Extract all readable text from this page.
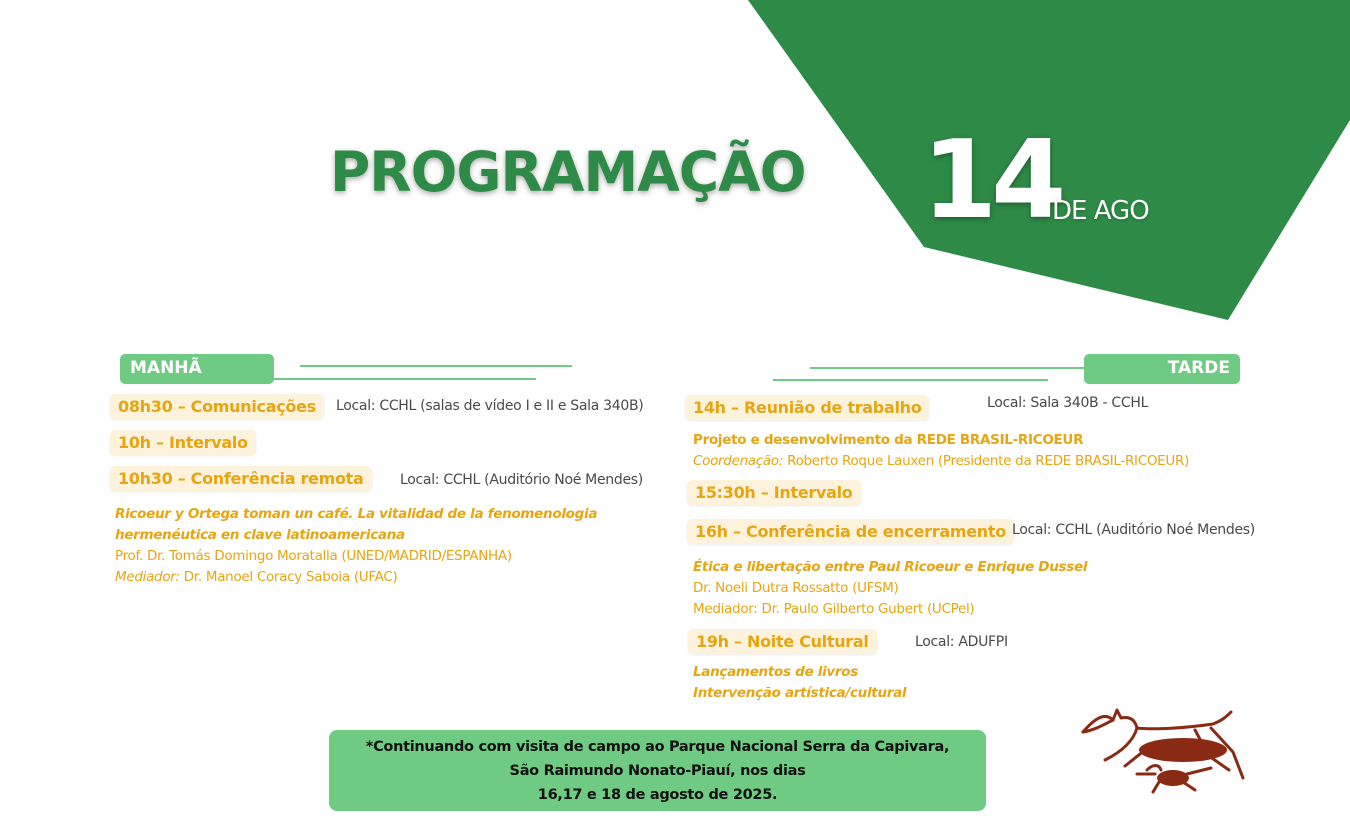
PROGRAMAÇÃO 14
DE AGO
MANHÃ	TARDE
08h30 – Comunicações	Local: CCHL (salas de vídeo I e II e Sala 340B)
10h – Intervalo
10h30 – Conferência remota	Local: CCHL (Auditório Noé Mendes)
Ricoeur y Ortega toman un café. La vitalidad de la fenomenologia
hermenéutica en clave latinoamericana
Prof. Dr. Tomás Domingo Moratalla (UNED/MADRID/ESPANHA)
Mediador: Dr. Manoel Coracy Saboia (UFAC)
14h – Reunião de trabalho	Local: Sala 340B - CCHL
Projeto e desenvolvimento da REDE BRASIL-RICOEUR
Coordenação: Roberto Roque Lauxen (Presidente da REDE BRASIL-RICOEUR)
15:30h – Intervalo
16h – Conferência de encerramento Local: CCHL (Auditório Noé Mendes)
Ética e libertação entre Paul Ricoeur e Enrique Dussel
Dr. Noeli Dutra Rossatto (UFSM)
Mediador: Dr. Paulo Gilberto Gubert (UCPel)
19h – Noite Cultural	Local: ADUFPI
Lançamentos de livros
Intervenção artística/cultural
*Continuando com visita de campo ao Parque Nacional Serra da Capivara,
São Raimundo Nonato-Piauí, nos dias
16,17 e 18 de agosto de 2025.
